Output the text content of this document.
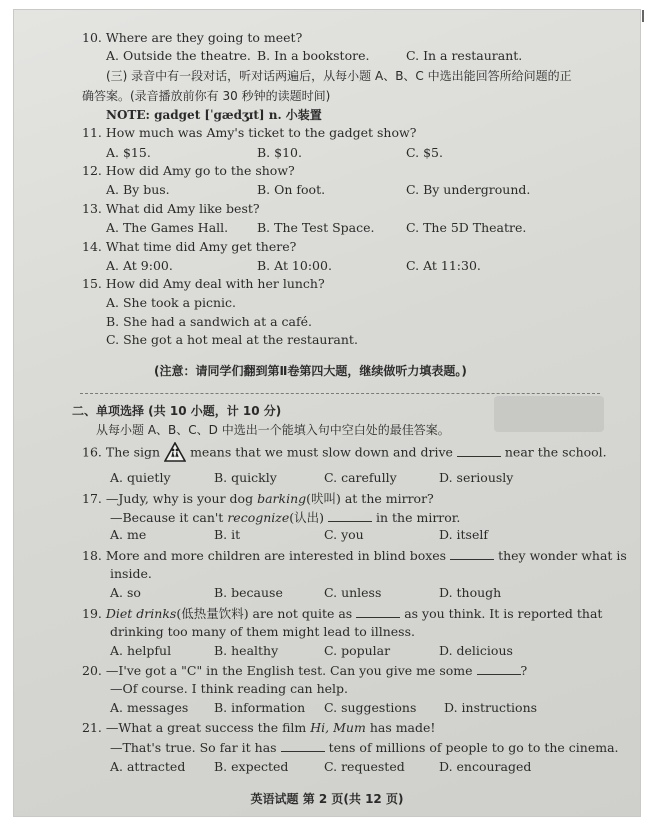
10. Where are they going to meet?
A. Outside the theatre. B. In a bookstore.	C. In a restaurant.
(三) 录音中有一段对话，听对话两遍后，从每小题 A、B、C 中选出能回答所给问题的正
确答案。(录音播放前你有 30 秒钟的读题时间)
NOTE: gadget [ˈgædʒɪt] n. 小装置
11. How much was Amy's ticket to the gadget show?
A. $15.	B. $10.	C. $5.
12. How did Amy go to the show?
A. By bus.	B. On foot.	C. By underground.
13. What did Amy like best?
A. The Games Hall. B. The Test Space.	C. The 5D Theatre.
14. What time did Amy get there?
A. At 9:00.	B. At 10:00.	C. At 11:30.
15. How did Amy deal with her lunch?
A. She took a picnic.
B. She had a sandwich at a café.
C. She got a hot meal at the restaurant.
(注意：请同学们翻到第Ⅱ卷第四大题，继续做听力填表题。)
二、单项选择 (共 10 小题，计 10 分)
从每小题 A、B、C、D 中选出一个能填入句中空白处的最佳答案。
16. The sign means that we must slow down and drive	near the school.
A. quietly	B. quickly	C. carefully	D. seriously
17. —Judy, why is your dog barking(吠叫) at the mirror?
—Because it can't recognize(认出)	in the mirror.
A. me	B. it	C. you	D. itself
18. More and more children are interested in blind boxes	they wonder what is
inside.
A. so	B. because	C. unless	D. though
19. Diet drinks(低热量饮料) are not quite as	as you think. It is reported that
drinking too many of them might lead to illness.
A. helpful	B. healthy	C. popular	D. delicious
20. —I've got a "C" in the English test. Can you give me some	?
—Of course. I think reading can help.
A. messages B. information C. suggestions D. instructions
21. —What a great success the film Hi, Mum has made!
—That's true. So far it has	tens of millions of people to go to the cinema.
A. attracted B. expected	C. requested	D. encouraged
英语试题 第 2 页(共 12 页)
